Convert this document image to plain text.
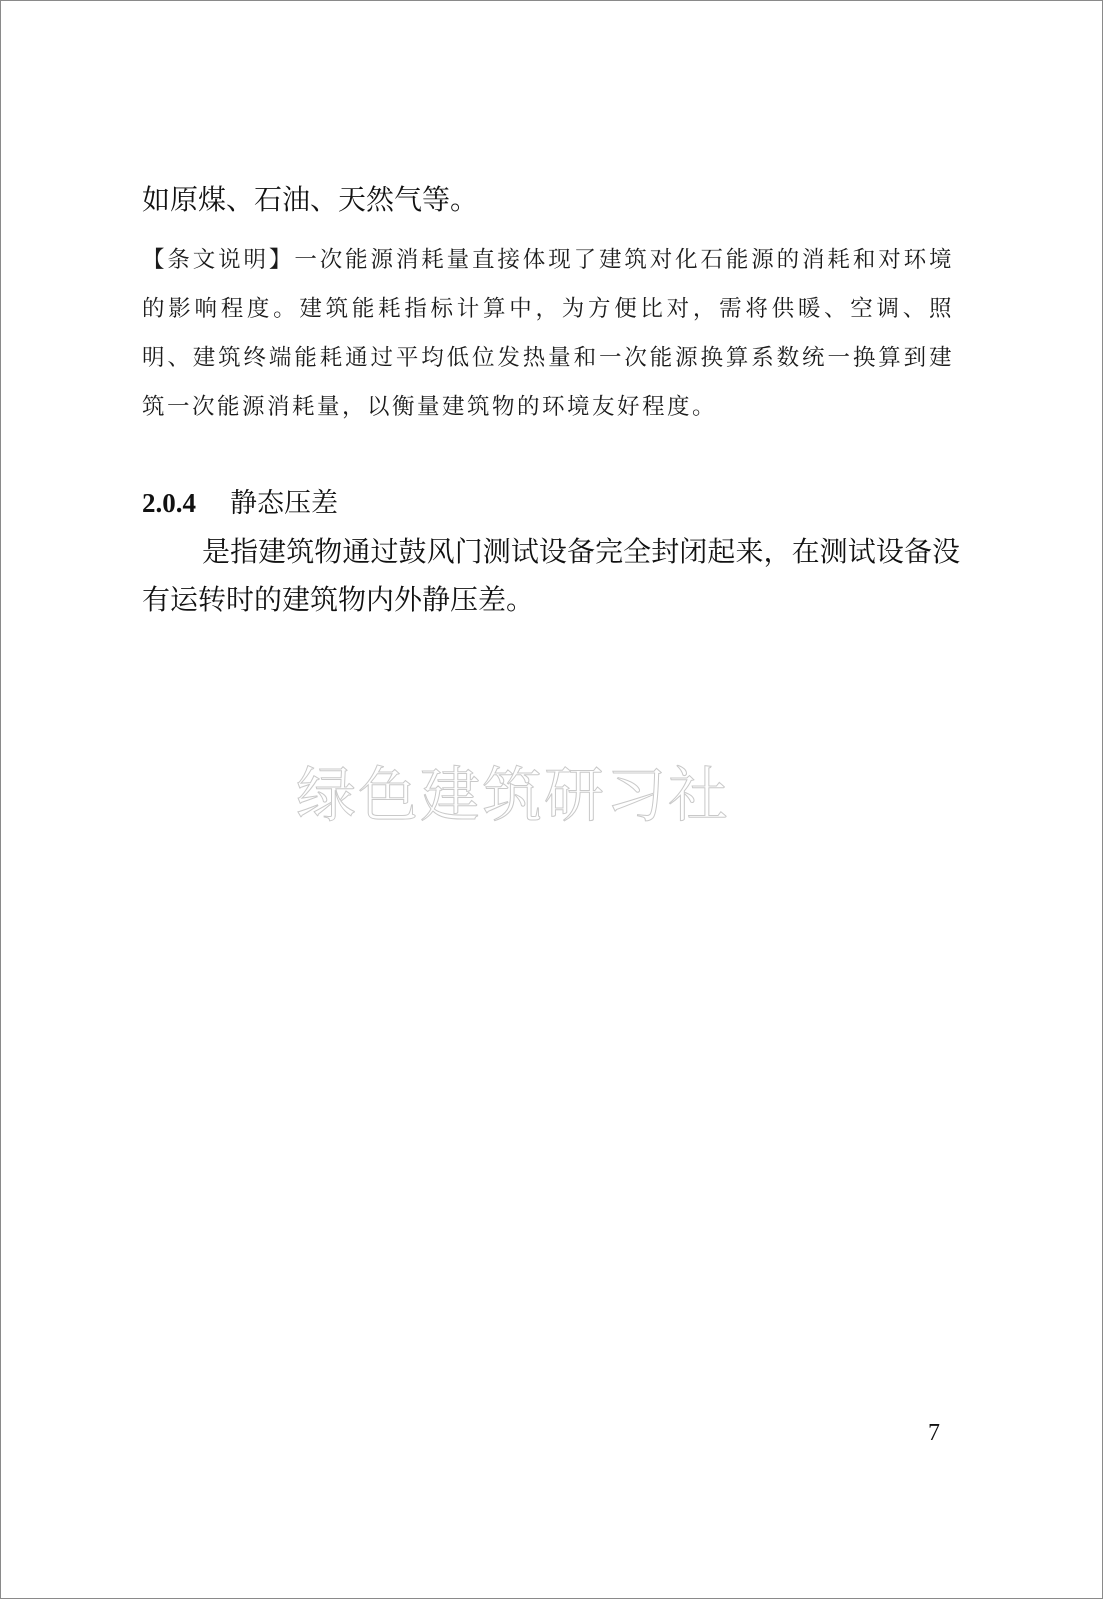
如原煤、石油、天然气等。

【条文说明】一次能源消耗量直接体现了建筑对化石能源的消耗和对环境的影响程度。建筑能耗指标计算中，为方便比对，需将供暖、空调、照明、建筑终端能耗通过平均低位发热量和一次能源换算系数统一换算到建筑一次能源消耗量，以衡量建筑物的环境友好程度。

2.0.4 静态压差

是指建筑物通过鼓风门测试设备完全封闭起来，在测试设备没有运转时的建筑物内外静压差。

绿色建筑研习社
7
